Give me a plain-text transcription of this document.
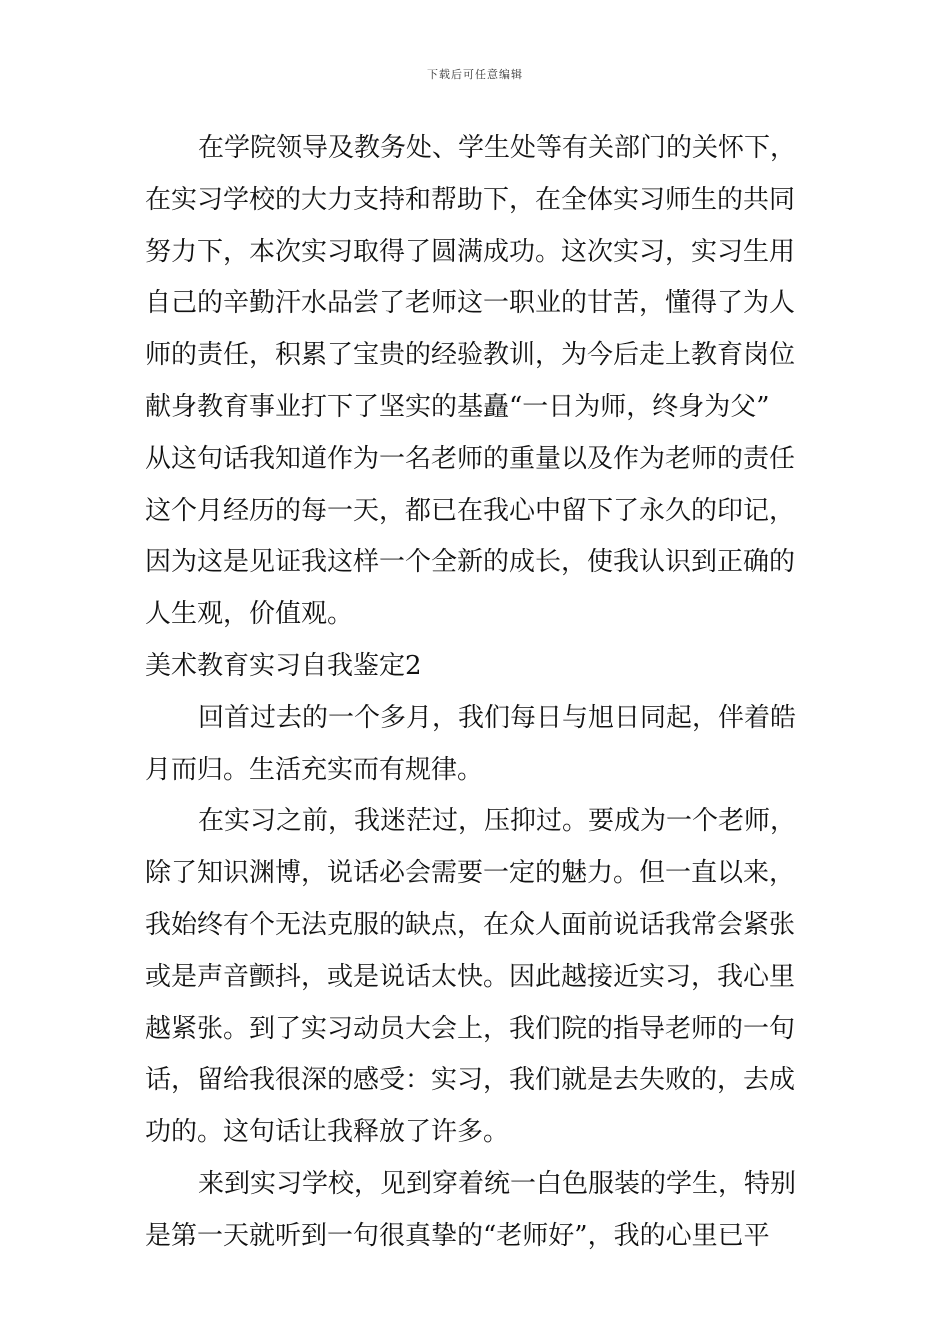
下载后可任意编辑
在学院领导及教务处、学生处等有关部门的关怀下，
在实习学校的大力支持和帮助下，在全体实习师生的共同
努力下，本次实习取得了圆满成功。这次实习，实习生用
自己的辛勤汗水品尝了老师这一职业的甘苦，懂得了为人
师的责任，积累了宝贵的经验教训，为今后走上教育岗位
献身教育事业打下了坚实的基矗“一日为师，终身为父”
从这句话我知道作为一名老师的重量以及作为老师的责任
这个月经历的每一天，都已在我心中留下了永久的印记，
因为这是见证我这样一个全新的成长，使我认识到正确的
人生观，价值观。
美术教育实习自我鉴定2
回首过去的一个多月，我们每日与旭日同起，伴着皓
月而归。生活充实而有规律。
在实习之前，我迷茫过，压抑过。要成为一个老师，
除了知识渊博，说话必会需要一定的魅力。但一直以来，
我始终有个无法克服的缺点，在众人面前说话我常会紧张
或是声音颤抖，或是说话太快。因此越接近实习，我心里
越紧张。到了实习动员大会上，我们院的指导老师的一句
话，留给我很深的感受：实习，我们就是去失败的，去成
功的。这句话让我释放了许多。
来到实习学校，见到穿着统一白色服装的学生，特别
是第一天就听到一句很真挚的“老师好”，我的心里已平
